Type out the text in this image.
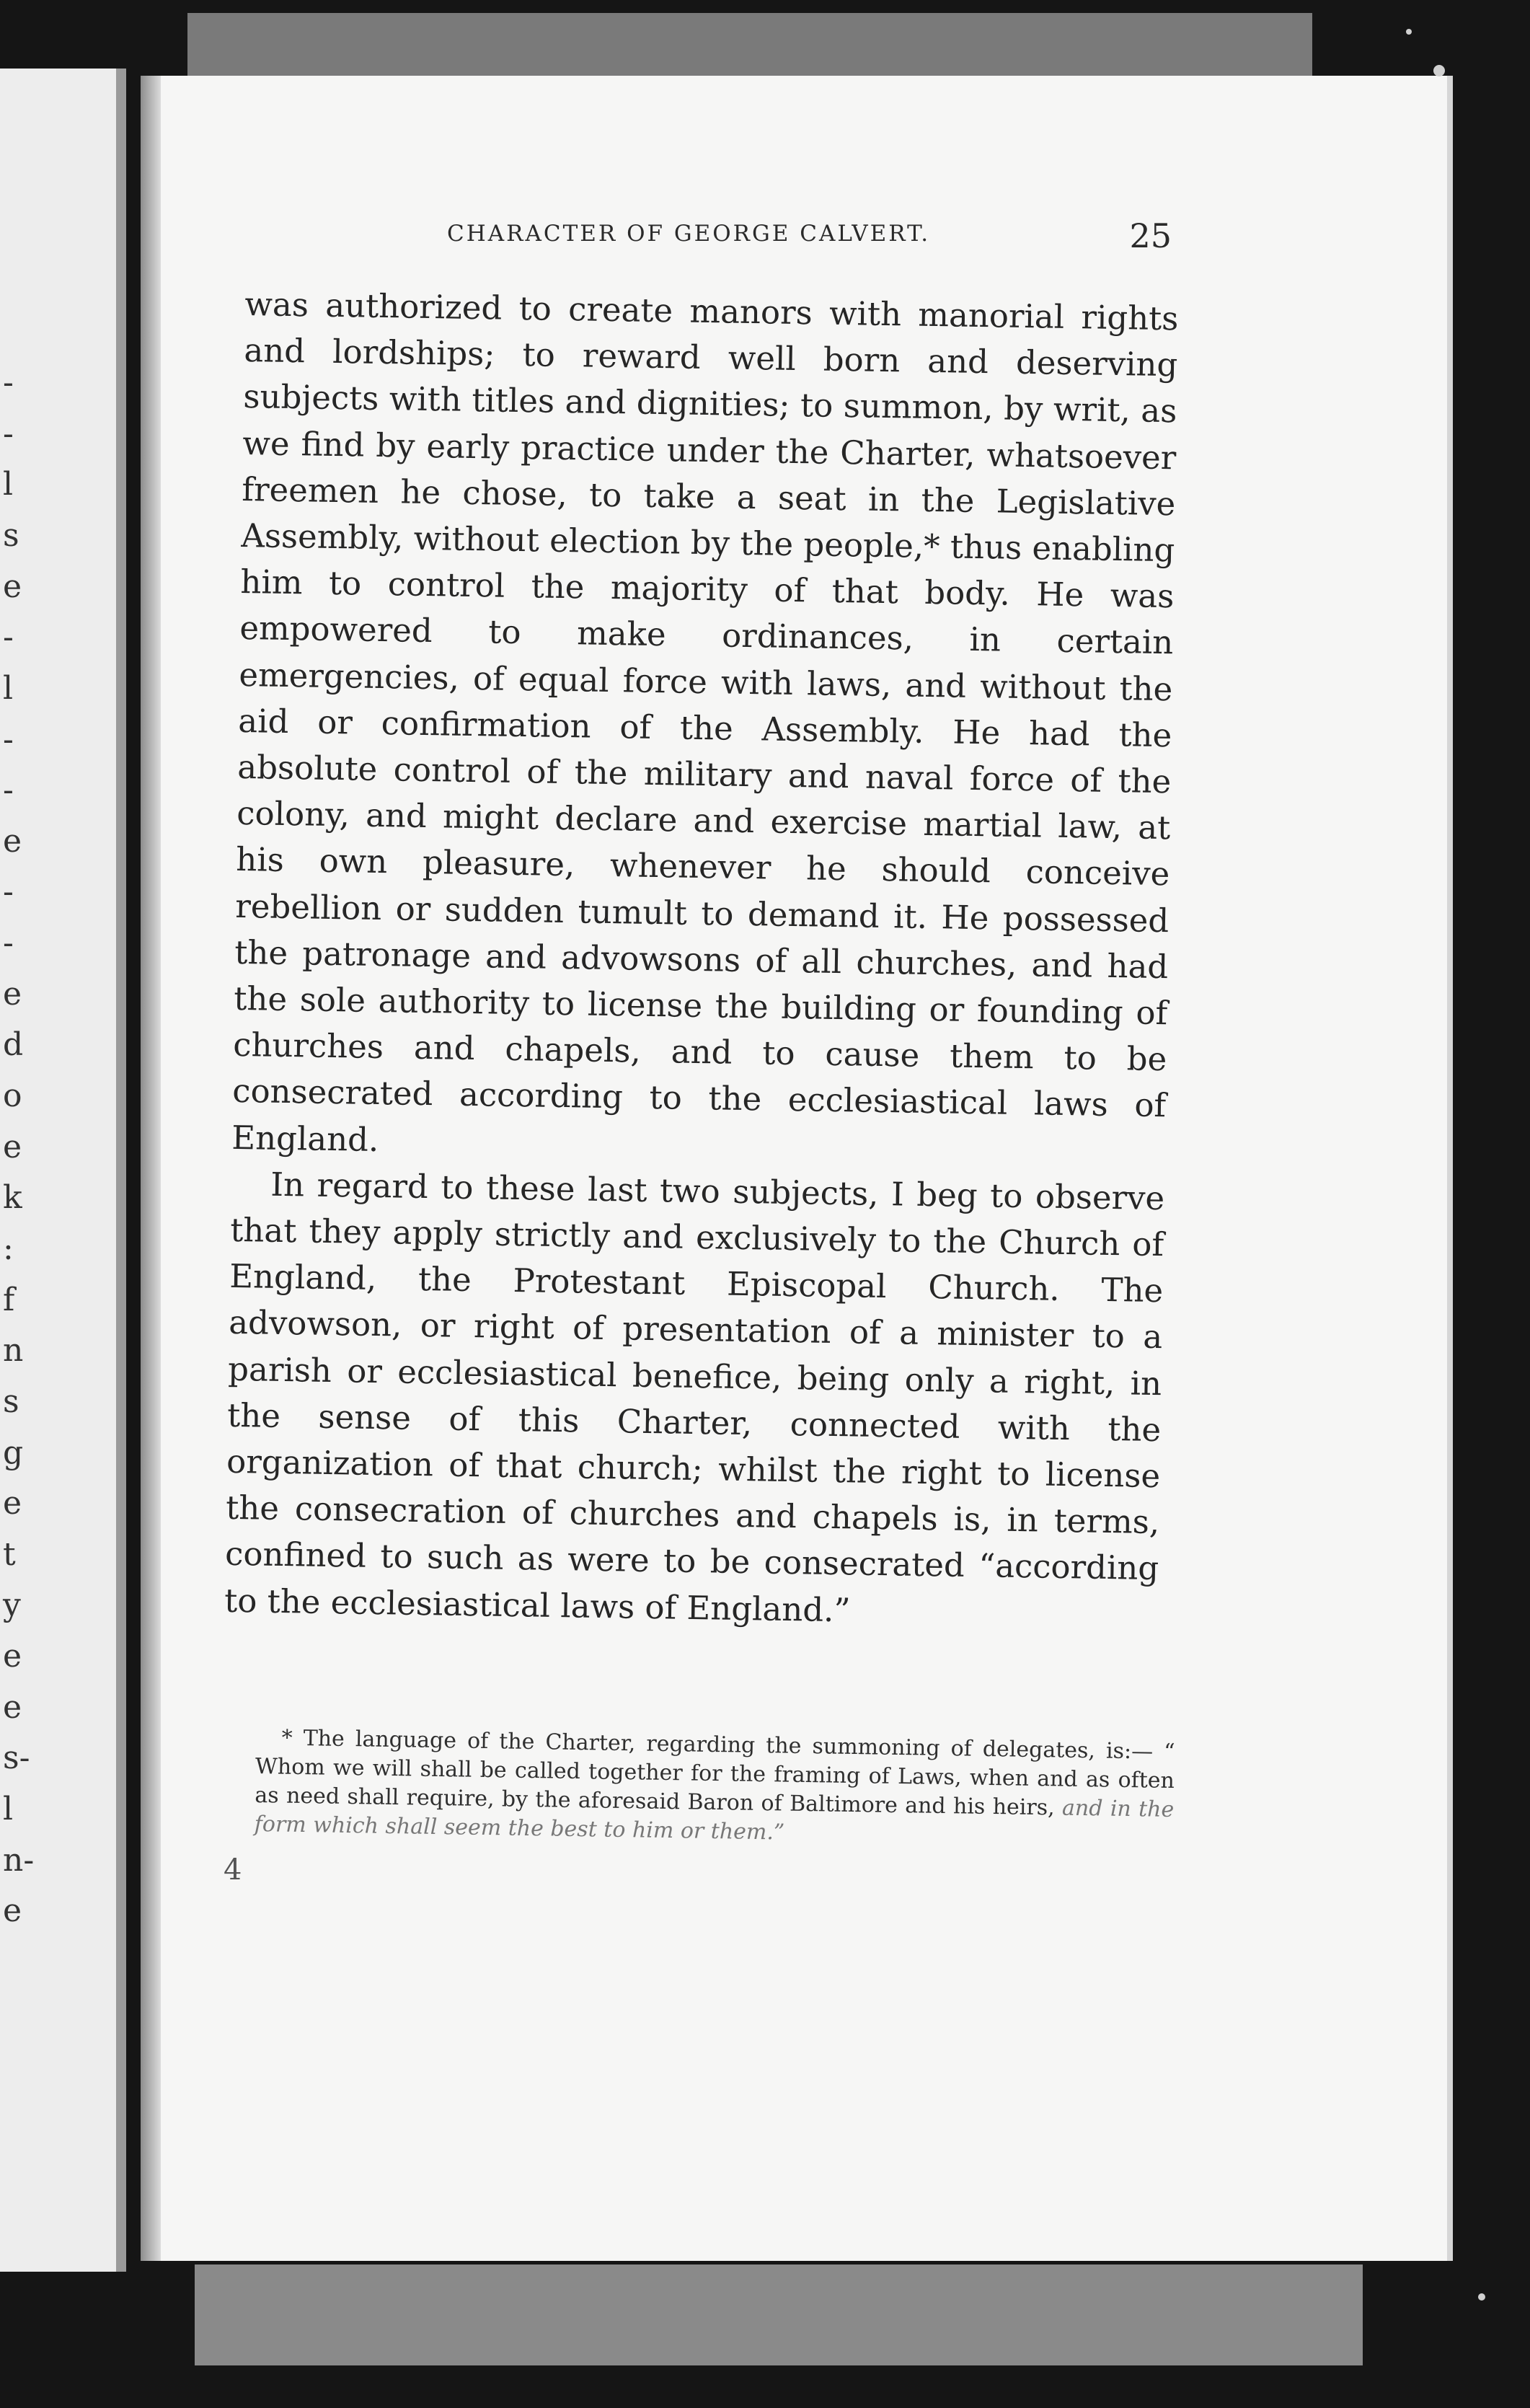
-
-
l
s
e
-
l
-
-
e
-
-
e
d
o
e
k
:
f
n
s
g
e
t
y
e
e
s-
l
n-
e
CHARACTER OF GEORGE CALVERT.	25

was authorized to create manors with manorial rights and lordships; to reward well born and deserving subjects with titles and dignities; to summon, by writ, as we find by early practice under the Charter, whatsoever freemen he chose, to take a seat in the Legislative Assembly, without election by the people,* thus enabling him to control the majority of that body. He was empowered to make ordinances, in certain emergencies, of equal force with laws, and without the aid or confirmation of the Assembly. He had the absolute control of the military and naval force of the colony, and might declare and exercise martial law, at his own pleasure, whenever he should conceive rebellion or sudden tumult to demand it. He possessed the patronage and advowsons of all churches, and had the sole authority to license the building or founding of churches and chapels, and to cause them to be consecrated according to the ecclesiastical laws of England.

In regard to these last two subjects, I beg to observe that they apply strictly and exclusively to the Church of England, the Protestant Episcopal Church. The advowson, or right of presentation of a minister to a parish or ecclesiastical benefice, being only a right, in the sense of this Charter, connected with the organization of that church; whilst the right to license the consecration of churches and chapels is, in terms, confined to such as were to be consecrated “according to the ecclesiastical laws of England.”

* The language of the Charter, regarding the summoning of delegates, is:— “ Whom we will shall be called together for the framing of Laws, when and as often as need shall require, by the aforesaid Baron of Baltimore and his heirs, and in the form which shall seem the best to him or them.”

4
